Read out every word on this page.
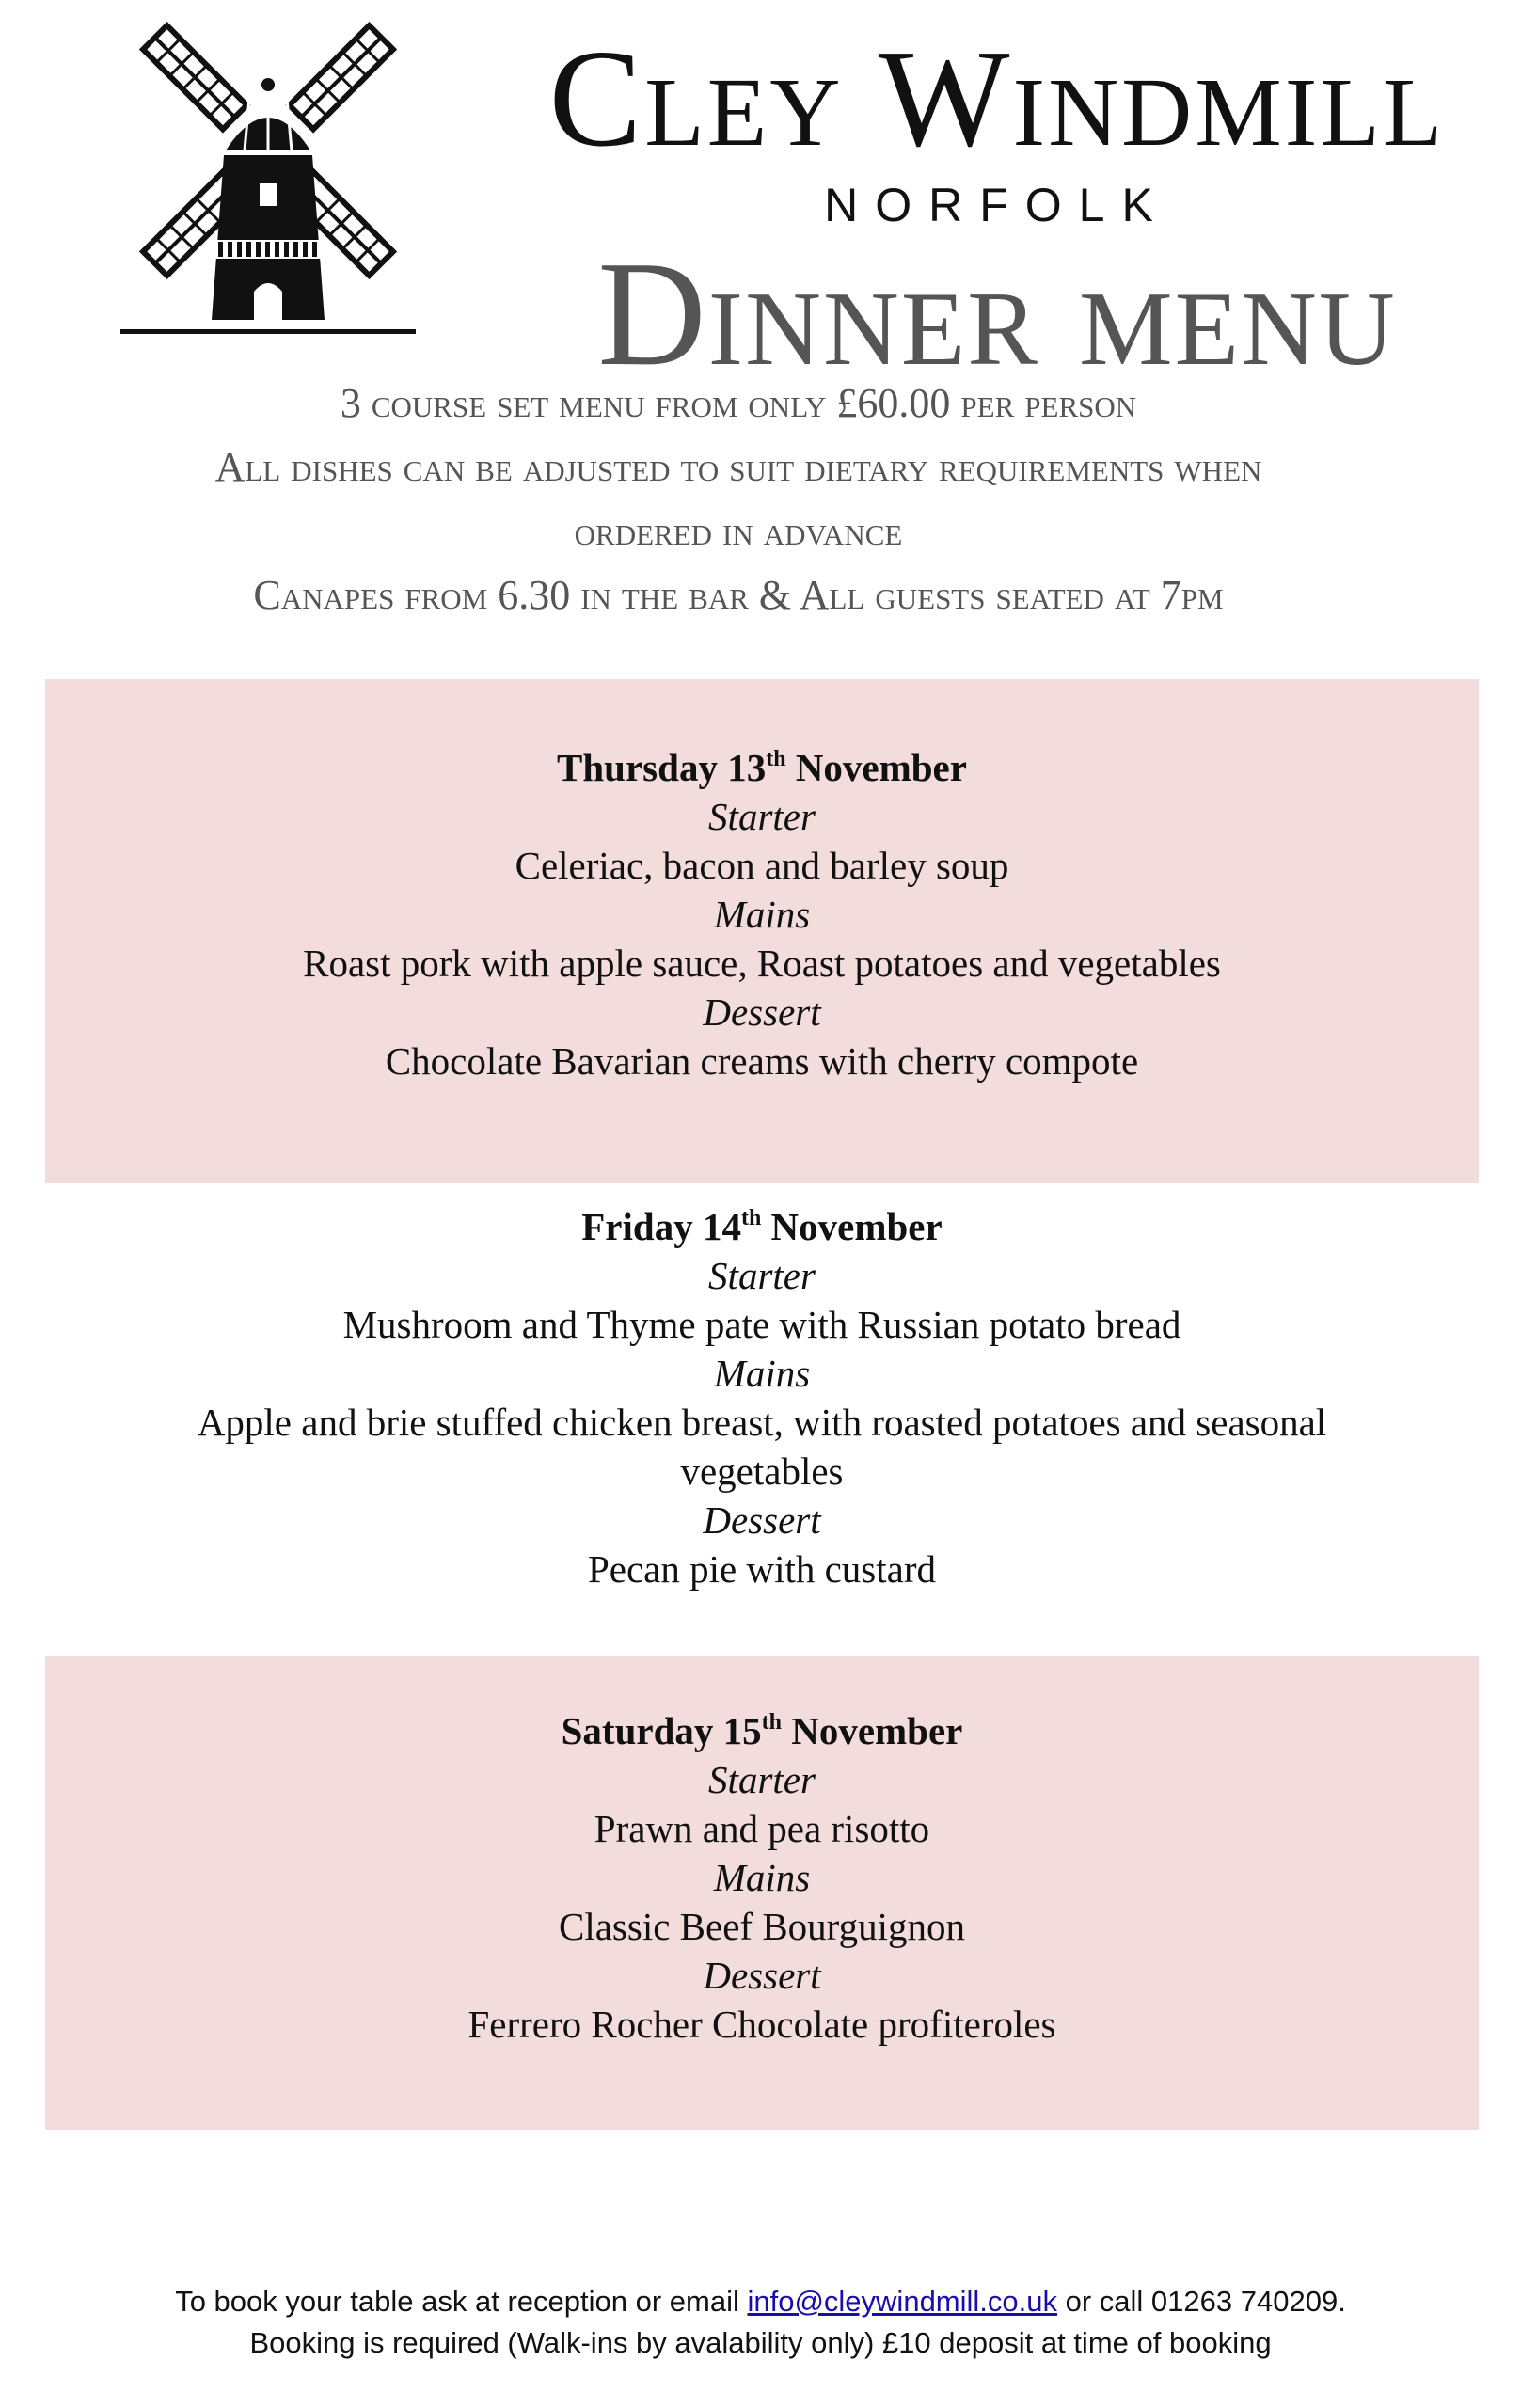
Cley Windmill
NORFOLK
Dinner menu
3 course set menu from only £60.00 per person
All dishes can be adjusted to suit dietary requirements when
ordered in advance
Canapes from 6.30 in the bar & All guests seated at 7pm
Thursday 13th November
Starter
Celeriac, bacon and barley soup
Mains
Roast pork with apple sauce, Roast potatoes and vegetables
Dessert
Chocolate Bavarian creams with cherry compote
Friday 14th November
Starter
Mushroom and Thyme pate with Russian potato bread
Mains
Apple and brie stuffed chicken breast, with roasted potatoes and seasonal
vegetables
Dessert
Pecan pie with custard
Saturday 15th November
Starter
Prawn and pea risotto
Mains
Classic Beef Bourguignon
Dessert
Ferrero Rocher Chocolate profiteroles
To book your table ask at reception or email info@cleywindmill.co.uk or call 01263 740209.
Booking is required (Walk-ins by avalability only) £10 deposit at time of booking
